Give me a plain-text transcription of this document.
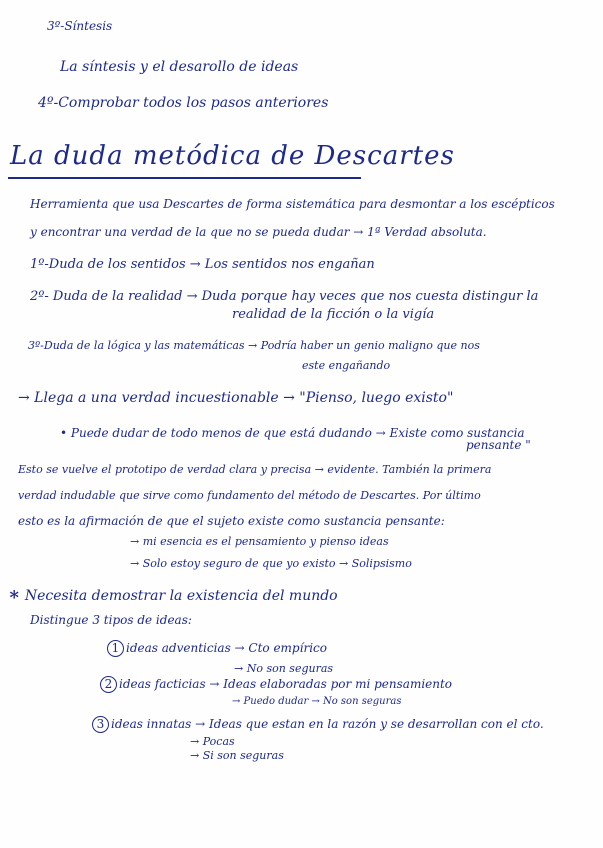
3º-Síntesis
La síntesis y el desarollo de ideas
4º-Comprobar todos los pasos anteriores
La duda metódica de Descartes
Herramienta que usa Descartes de forma sistemática para desmontar a los escépticos
y encontrar una verdad de la que no se pueda dudar → 1ª Verdad absoluta.
1º-Duda de los sentidos → Los sentidos nos engañan
2º- Duda de la realidad → Duda porque hay veces que nos cuesta distingur la
realidad de la ficción o la vigía
3º-Duda de la lógica y las matemáticas → Podría haber un genio maligno que nos
este engañando
→ Llega a una verdad incuestionable → "Pienso, luego existo"
• Puede dudar de todo menos de que está dudando → Existe como sustancia
pensante "
Esto se vuelve el prototipo de verdad clara y precisa → evidente. También la primera
verdad indudable que sirve como fundamento del método de Descartes. Por último
esto es la afirmación de que el sujeto existe como sustancia pensante:
→ mi esencia es el pensamiento y pienso ideas
→ Solo estoy seguro de que yo existo → Solipsismo
∗ Necesita demostrar la existencia del mundo
Distingue 3 tipos de ideas:
1 ideas adventicias → Cto empírico
→ No son seguras
2 ideas facticias → Ideas elaboradas por mi pensamiento
→ Puedo dudar → No son seguras
3 ideas innatas → Ideas que estan en la razón y se desarrollan con el cto.
→ Pocas
→ Si son seguras
